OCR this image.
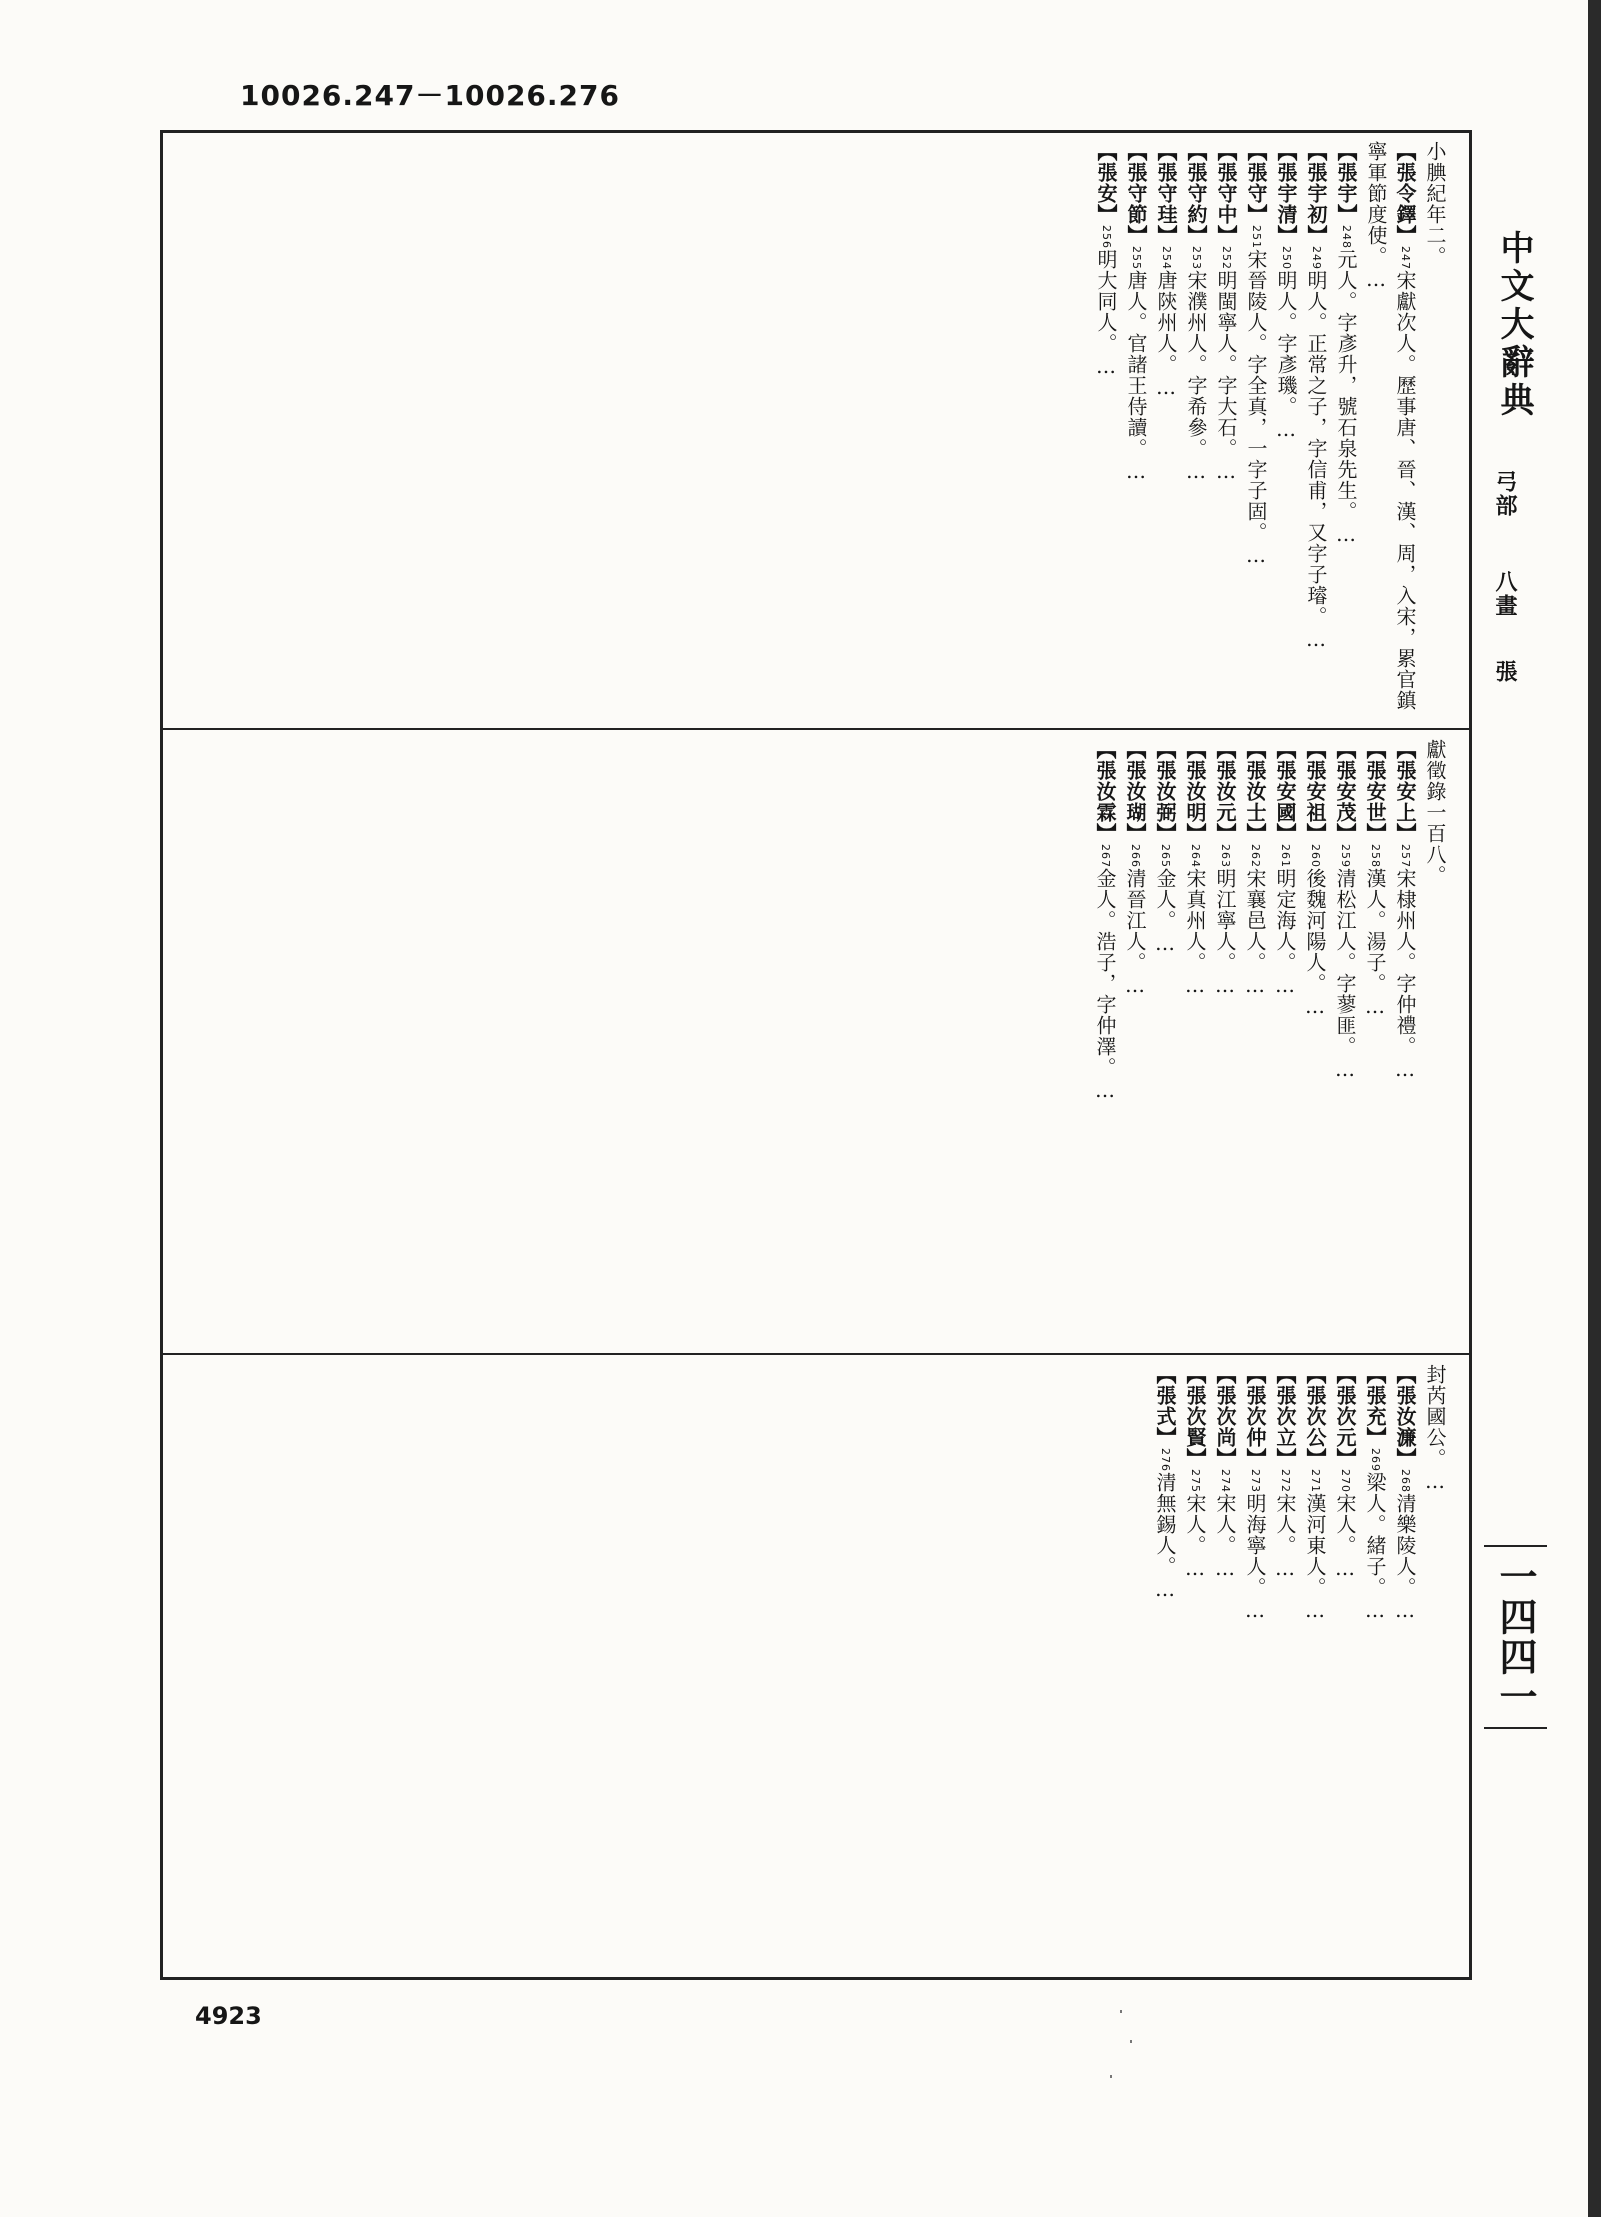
10026.247－10026.276
小腆紀年二。【張令鐸】247宋獻次人。歷事唐、晉、漢、周，入宋，累官鎮寧軍節度使。…【張宇】248元人。字彥升，號石泉先生。…【張宇初】249明人。正常之子，字信甫，又字子璿。…【張宇清】250明人。字彥璣。…【張守】251宋晉陵人。字全真，一字子固。…【張守中】252明閩寧人。字大石。…【張守約】253宋濮州人。字希參。…【張守珪】254唐陝州人。…【張守節】255唐人。官諸王侍讀。…【張安】256明大同人。…
獻徵錄一百八。【張安上】257宋棣州人。字仲禮。…【張安世】258漢人。湯子。…【張安茂】259清松江人。字蓼匪。…【張安祖】260後魏河陽人。…【張安國】261明定海人。…【張汝士】262宋襄邑人。…【張汝元】263明江寧人。…【張汝明】264宋真州人。…【張汝弼】265金人。…【張汝瑚】266清晉江人。…【張汝霖】267金人。浩子，字仲澤。…
封芮國公。…【張汝濂】268清樂陵人。…【張充】269梁人。緒子。…【張次元】270宋人。…【張次公】271漢河東人。…【張次立】272宋人。…【張次仲】273明海寧人。…【張次尚】274宋人。…【張次賢】275宋人。…【張式】276清無錫人。…
中文大辭典
弓部
八畫
張
一四四一
4923
